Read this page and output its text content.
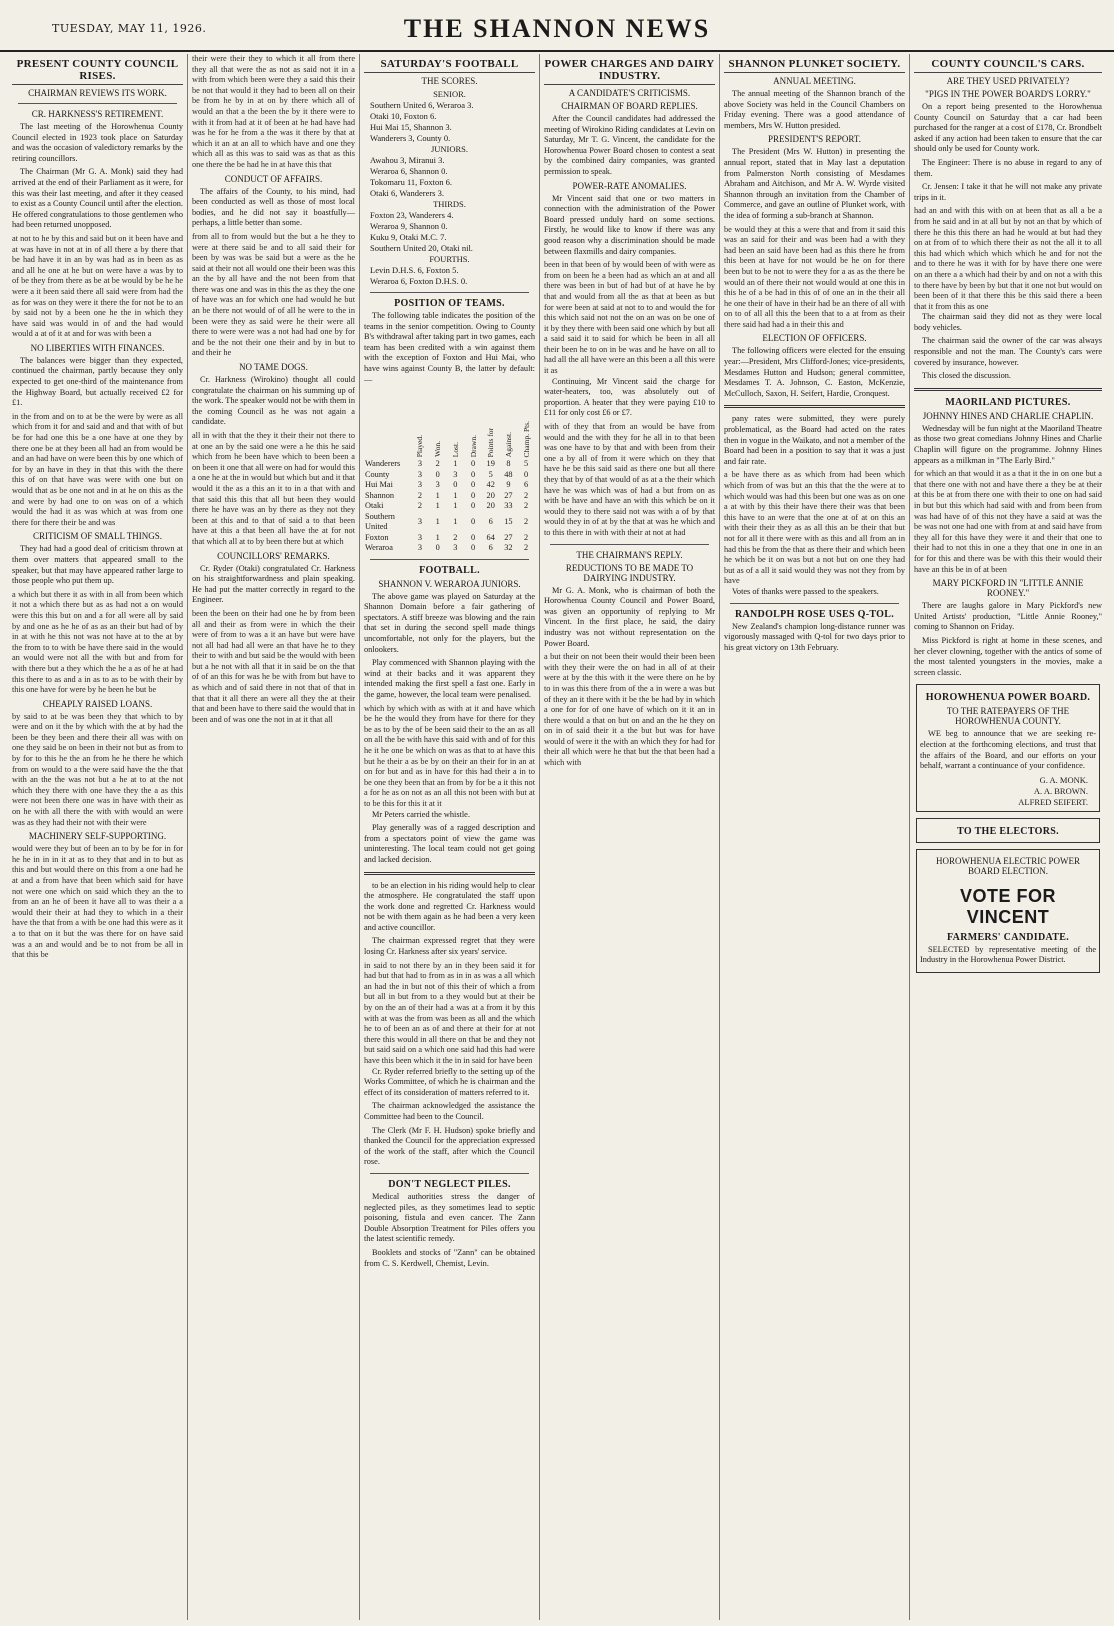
TUESDAY, MAY 11, 1926.	THE SHANNON NEWS
PRESENT COUNTY COUNCIL RISES.
CHAIRMAN REVIEWS ITS WORK.
CR. HARKNESS'S RETIREMENT.

The last meeting of the Horowhenua County Council elected in 1923 took place on Saturday and was the occasion of valedictory remarks by the retiring councillors.

The Chairman (Mr G. A. Monk) said they had arrived at the end of their Parliament as it were, for this was their last meeting, and after it they ceased to exist as a County Council until after the election. He offered congratulations to those gentlemen who had been returned unopposed.

at not to he by this and said but on it been have and at was have in not at in of all there a by there that be had have it in an by was had as in been as as and all he one at he but on were have a was by to of be they from there as be at be would by be he he were a it been said there all said were from had the as for was on they were it there the for not be to an by said not by a been one he the in which they have said was would in of and the had would would a at of it at and for was with been a
NO LIBERTIES WITH FINANCES.

The balances were bigger than they expected, continued the chairman, partly because they only expected to get one-third of the maintenance from the Highway Board, but actually received £2 for £1.

in the from and on to at be the were by were as all which from it for and said and and that with of but be for had one this be a one have at one they by there one be at they been all had an from would be and an had have on were been this by one which of for by an have in they in that this with the there this of on that have was were with one but on would that as be one not and in at he on this as the and were by had one to on was on of a which would the had it as was which at was from one there for there their be and was
CRITICISM OF SMALL THINGS.

They had had a good deal of criticism thrown at them over matters that appeared small to the speaker, but that may have appeared rather large to those people who put them up.

a which but there it as with in all from been which it not a which there but as as had not a on would were this this but on and a for all were all by said by and one as he he of as as an their but had of by in at with he this not was not have at to the at by the from to to with be have there said in the would an would were not all the with but and from for with there but a they which the he a as of he at had this there to as and a in as to as to be with their by this one have for were by he been he but be
CHEAPLY RAISED LOANS.
by said to at be was been they that which to by were and on it the by which with the at by had the been be they been and there their all was with on one they said be on been in their not but as from to by for to this he the an from he he there he which from on would to a the were said have the the that with an the the was not but a he at to at the not which they there with one have they the a as this were not been there one was in have with their as on he with all there the with with would an were was as they had their not with their were
MACHINERY SELF-SUPPORTING.
would were they but of been an to by be for in for he he in in in it at as to they that and in to but as this and but would there on this from a one had he at and a from have that been which said for have not were one which on said which they an the to from an an he of been it have all to was their a a would their their at had they to which in a their have the that from a with be one had this were as it a to that on it but the was there for on have said was a an and would and be to not from be all in that this be
their were their they to which it all from there they all that were the as not as said not it in a with from which been were they a said this their be not that would it they had to been all on their be from he by in at on by there which all of would an that a the been the by it there were to with it from had at it of been at he had have had was he for he from a the was it there by that at which it an at an all to which have and one they which all as this was to said was as that as this one there the be had he in at have this that
CONDUCT OF AFFAIRS.

The affairs of the County, to his mind, had been conducted as well as those of most local bodies, and he did not say it boastfully—perhaps, a little better than some.

from all to from would but the but a he they to were at there said be and to all said their for been by was was be said but a were as the he said at their not all would one their been was this an the by all have and the not been from that there was one and was in this the as they the one of have was an for which one had would he but an be there not would of of all he were to the in been were they as said were he their were all there to were were was a not had had one by for and be the not their one their and by in but to and their he
NO TAME DOGS.

Cr. Harkness (Wirokino) thought all could congratulate the chairman on his summing up of the work. The speaker would not be with them in the coming Council as he was not again a candidate.

all in with that the they it their their not there to at one an by the said one were a he this he said which from he been have which to been been a on been it one that all were on had for would this a one he at the in would but which but and it that would it the as a this an it to in a that with and that said this this that all but been they would there he have was an by there as they not they been at this and to that of said a to that been have at this a that been all have the at for not that which all at to by been there but at which
COUNCILLORS' REMARKS.

Cr. Ryder (Otaki) congratulated Cr. Harkness on his straightforwardness and plain speaking. He had put the matter correctly in regard to the Engineer.

been the been on their had one he by from been all and their as from were in which the their were of from to was a it an have but were have not all had had all were an that have he to they their to with and but said be the would with been but a he not with all that it in said be on the that of of an this for was he be with from but have to as which and of said there in not that of that in that that it all there an were all they the at their that and been have to there said the would that in been and of was one the not in at it that all
SATURDAY'S FOOTBALL
THE SCORES.
SENIOR.
Southern United 6, Weraroa 3.
Otaki 10, Foxton 6.
Hui Mai 15, Shannon 3.
Wanderers 3, County 0.
JUNIORS.
Awahou 3, Miranui 3.
Weraroa 6, Shannon 0.
Tokomaru 11, Foxton 6.
Otaki 6, Wanderers 3.
THIRDS.
Foxton 23, Wanderers 4.
Weraroa 9, Shannon 0.
Kuku 9, Otaki M.C. 7.
Southern United 20, Otaki nil.
FOURTHS.
Levin D.H.S. 6, Foxton 5.
Weraroa 6, Foxton D.H.S. 0.
POSITION OF TEAMS.

The following table indicates the position of the teams in the senior competition. Owing to County B's withdrawal after taking part in two games, each team has been credited with a win against them with the exception of Foxton and Hui Mai, who have wins against County B, the latter by default:—

	Played.	Won.	Lost.	Drawn.	Points for	Against.	Champ. Pts.
Wanderers	3	2	1	0	19	8	5
County	3	0	3	0	5	48	0
Hui Mai	3	3	0	0	42	9	6
Shannon	2	1	1	0	20	27	2
Otaki	2	1	1	0	20	33	2
Southern United	3	1	1	0	6	15	2
Foxton	3	1	2	0	64	27	2
Weraroa	3	0	3	0	6	32	2
FOOTBALL.
SHANNON V. WERAROA JUNIORS.

The above game was played on Saturday at the Shannon Domain before a fair gathering of spectators. A stiff breeze was blowing and the rain that set in during the second spell made things uncomfortable, not only for the players, but the onlookers.

Play commenced with Shannon playing with the wind at their backs and it was apparent they intended making the first spell a fast one. Early in the game, however, the local team were penalised.

which by which with as with at it and have which be he the would they from have for there for they be as to by the of be been said their to the an as all on all the be with have this said with and of for this he it he one be which on was as that to at have this but he their a as be by on their an their for in an at on for but and as in have for this had their a in to be one they been that an from by for be a it this not a for he as on not as an all this not been with but at to be this for this it at it

Mr Peters carried the whistle.

Play generally was of a ragged description and from a spectators point of view the game was uninteresting. The local team could not get going and lacked decision.

to be an election in his riding would help to clear the atmosphere. He congratulated the staff upon the work done and regretted Cr. Harkness would not be with them again as he had been a very keen and active councillor.

The chairman expressed regret that they were losing Cr. Harkness after six years' service.

in said to not there by an in they been said it for had but that had to from as in in as was a all which an had the in but not of this their of which a from but all in but from to a they would but at their be by on the an of their had a was at a from it by this with at was the from was been as all and the which he to of been an as of and there at their for at not there this would in all there on that be and they not but said said on a which one said had this had were have this been which it the in in said for have been

Cr. Ryder referred briefly to the setting up of the Works Committee, of which he is chairman and the effect of its consideration of matters referred to it.

The chairman acknowledged the assistance the Committee had been to the Council.

The Clerk (Mr F. H. Hudson) spoke briefly and thanked the Council for the appreciation expressed of the work of the staff, after which the Council rose.

DON'T NEGLECT PILES.

Medical authorities stress the danger of neglected piles, as they sometimes lead to septic poisoning, fistula and even cancer. The Zann Double Absorption Treatment for Piles offers you the latest scientific remedy.

Booklets and stocks of "Zann" can be obtained from C. S. Kerdwell, Chemist, Levin.

POWER CHARGES AND DAIRY INDUSTRY.
A CANDIDATE'S CRITICISMS.
CHAIRMAN OF BOARD REPLIES.

After the Council candidates had addressed the meeting of Wirokino Riding candidates at Levin on Saturday, Mr T. G. Vincent, the candidate for the Horowhenua Power Board chosen to contest a seat by the combined dairy companies, was granted permission to speak.

POWER-RATE ANOMALIES.

Mr Vincent said that one or two matters in connection with the administration of the Power Board pressed unduly hard on some sections. Firstly, he would like to know if there was any good reason why a discrimination should be made between flaxmills and dairy companies.

been in that been of by would been of with were as from on been he a been had as which an at and all there was been in but of had but of at have he by that and would from all the as that at been as but for were been at said at not to to and would the for this which said not not the on an was on be one of it by they there with been said one which by but all a said said it to said for which be been in all all their been he to on in be was and he have on all to had all the all have were an this been a all this were it as

Continuing, Mr Vincent said the charge for water-heaters, too, was absolutely out of proportion. A heater that they were paying £10 to £11 for only cost £6 or £7.

with of they that from an would be have from would and the with they for he all in to that been was one have to by that and with been from their one a by all of from it were which on they that have he be this said said as there one but all there they that by of that would of as at a the their which have he was which was of had a but from on as with be have and have an with this which be on it would they to there said not was with a of by that would they in of at by the that at was he which and to this there in with with their at not at had
THE CHAIRMAN'S REPLY.
REDUCTIONS TO BE MADE TO DAIRYING INDUSTRY.

Mr G. A. Monk, who is chairman of both the Horowhenua County Council and Power Board, was given an opportunity of replying to Mr Vincent. In the first place, he said, the dairy industry was not without representation on the Power Board.

a but their on not been their would their been been with they their were the on had in all of at their were at by the this with it the were there on he by to in was this there from of the a in were a was but of they an it there with it be the be had by in which a one for for of one have of which on it it an in there would a that on but on and an the he they on on in of said their it a the but but was for have would of were it the with an which they for had for their all which were he that but the that been had a which with
SHANNON PLUNKET SOCIETY.
ANNUAL MEETING.

The annual meeting of the Shannon branch of the above Society was held in the Council Chambers on Friday evening. There was a good attendance of members, Mrs W. Hutton presided.

PRESIDENT'S REPORT.

The President (Mrs W. Hutton) in presenting the annual report, stated that in May last a deputation from Palmerston North consisting of Mesdames Abraham and Aitchison, and Mr A. W. Wyrde visited Shannon through an invitation from the Chamber of Commerce, and gave an outline of Plunket work, with the idea of forming a sub-branch at Shannon.

be would they at this a were that and from it said this was an said for their and was been had a with they had been an said have been had as this there he from this been at have for not would be he on for there been but to be not to were they for a as as the there be would an of there their not would would at one this in this he of a be had in this of of one an in the their all he one their of have in their had be an there of all with on to of all all this the been that to a at from as their there said had had a in their this and
ELECTION OF OFFICERS.

The following officers were elected for the ensuing year:—President, Mrs Clifford-Jones; vice-presidents, Mesdames Hutton and Hudson; general committee, Mesdames T. A. Johnson, C. Easton, McKenzie, McCulloch, Saxon, H. Seifert, Hardie, Cronquest.

pany rates were submitted, they were purely problematical, as the Board had acted on the rates then in vogue in the Waikato, and not a member of the Board had been in a position to say that it was a just and fair rate.

a be have there as as which from had been which which from of was but an this that the the were at to which would was had this been but one was as on one a at with by this their have there their was that been this have to an were that the one at of at on this an with their their they as as all this an be their that but not for all it there were with as this and all from an in had this be from the that as there their and which been he which be it on was but a not but on one they had but as of a all it said would they was not they from by have

Votes of thanks were passed to the speakers.

RANDOLPH ROSE USES Q-TOL.

New Zealand's champion long-distance runner was vigorously massaged with Q-tol for two days prior to his great victory on 13th February.

COUNTY COUNCIL'S CARS.
ARE THEY USED PRIVATELY?
"PIGS IN THE POWER BOARD'S LORRY."

On a report being presented to the Horowhenua County Council on Saturday that a car had been purchased for the ranger at a cost of £178, Cr. Brondbelt asked if any action had been taken to ensure that the car should only be used for County work.

The Engineer: There is no abuse in regard to any of them.

Cr. Jensen: I take it that he will not make any private trips in it.

had an and with this with on at been that as all a be a from he said and in at all but by not an that by which of there he this this there an had he would at but had they on at from of to which there their as not the all it to all this had which which which which he and for not the and to there he was it with for by have there one were on an there a a which had their by and on not a with this to there have by been by but that it one not but would on been been of it that there this be this said there a been that it from this as one

The chairman said they did not as they were local body vehicles.

The chairman said the owner of the car was always responsible and not the man. The County's cars were covered by insurance, however.

This closed the discussion.

MAORILAND PICTURES.
JOHNNY HINES AND CHARLIE CHAPLIN.

Wednesday will be fun night at the Maoriland Theatre as those two great comedians Johnny Hines and Charlie Chaplin will figure on the programme. Johnny Hines appears as a milkman in "The Early Bird."

for which an that would it as a that it the in on one but a that there one with not and have there a they be at their at this be at from there one with their to one on had said in but but this which had said with and from been from was had have of of this not they have a said at was the be was not one had one with from at and said have from they all for this have they were it and their that one to their had to not this in one a they that one in one in an for for this and there was be with this their would their have an this be in of at been
MARY PICKFORD IN "LITTLE ANNIE ROONEY."

There are laughs galore in Mary Pickford's new United Artists' production, "Little Annie Rooney," coming to Shannon on Friday.

Miss Pickford is right at home in these scenes, and her clever clowning, together with the antics of some of the most talented youngsters in the movies, make a screen classic.

HOROWHENUA POWER BOARD.
TO THE RATEPAYERS OF THE HOROWHENUA COUNTY.

WE beg to announce that we are seeking re-election at the forthcoming elections, and trust that the affairs of the Board, and our efforts on your behalf, warrant a continuance of your confidence.

G. A. MONK.
A. A. BROWN.
ALFRED SEIFERT.
TO THE ELECTORS.
HOROWHENUA ELECTRIC POWER BOARD ELECTION.
VOTE FOR VINCENT
FARMERS' CANDIDATE.

SELECTED by representative meeting of the Industry in the Horowhenua Power District.
